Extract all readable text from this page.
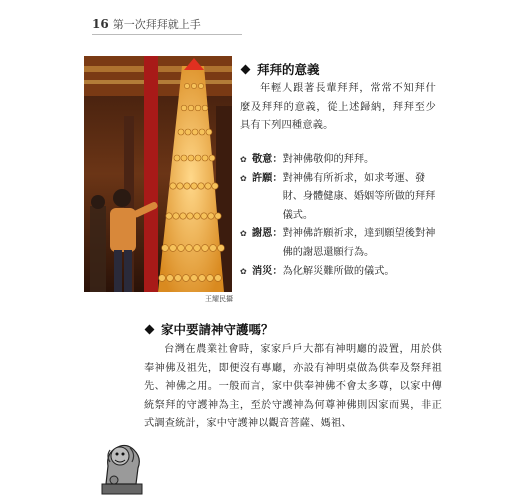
16 第一次拜拜就上手
王耀民攝
拜拜的意義
年輕人跟著長輩拜拜，常常不知拜什麼及拜拜的意義，從上述歸納，拜拜至少具有下列四種意義。
✿ 敬意： 對神佛敬仰的拜拜。
✿ 許願： 對神佛有所祈求，如求考運、發財、身體健康、婚姻等所做的拜拜儀式。
✿ 謝恩： 對神佛許願祈求，達到願望後對神佛的謝恩還願行為。
✿ 消災： 為化解災難所做的儀式。
家中要請神守護嗎？
台灣在農業社會時，家家戶戶大都有神明廳的設置，用於供奉神佛及祖先，即便沒有專廳，亦設有神明桌做為供奉及祭拜祖先、神佛之用。一般而言，家中供奉神佛不會太多尊，以家中傳統祭拜的守護神為主，至於守護神為何尊神佛則因家而異，非正式調查統計，家中守護神以觀音菩薩、媽祖、
